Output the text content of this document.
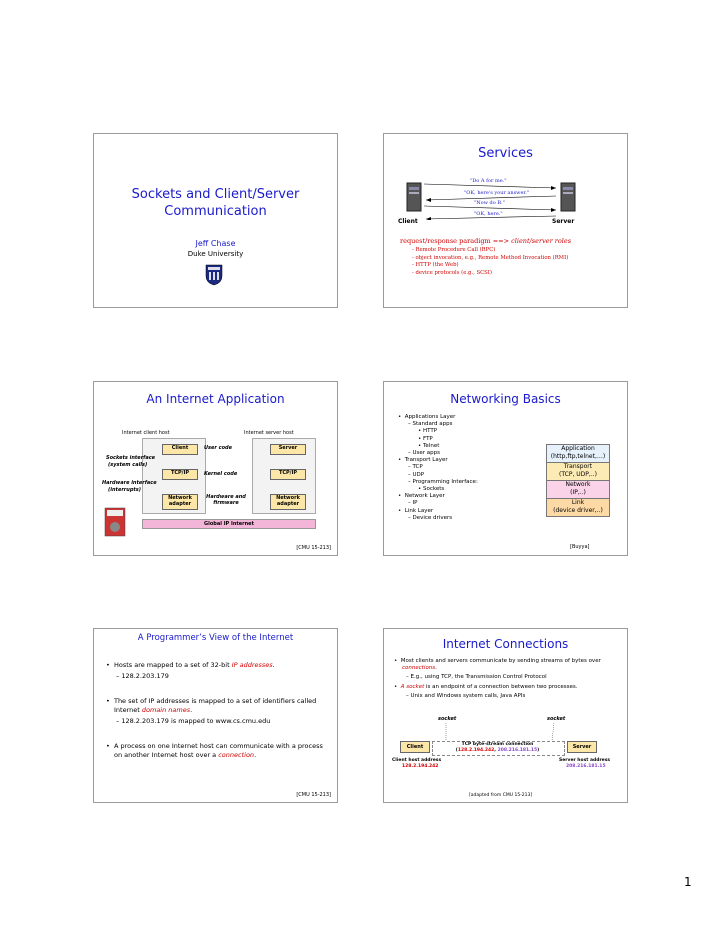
Sockets and Client/Server
Communication
Jeff Chase
Duke University
Services
"Do A for me."
"OK, here's your answer."
"Now do B."
"OK, here."
Client	Server
request/response paradigm ==> client/server roles
- Remote Procedure Call (RPC)
- object invocation, e.g., Remote Method Invocation (RMI)
- HTTP (the Web)
- device protocols (e.g., SCSI)
An Internet Application
Internet client host	Internet server host
Client	Server
User code
Sockets interface
(system calls)
TCP/IP	TCP/IP
Kernel code
Hardware interface
(interrupts)
Network adapter
Network adapter
Hardware and firmware
Global IP Internet
[CMU 15-213]
Networking Basics
•  Applications Layer
– Standard apps
• HTTP
• FTP
• Telnet
– User apps
•  Transport Layer
– TCP
– UDP
– Programming Interface:
• Sockets
•  Network Layer
– IP
•  Link Layer
– Device drivers
Application
(http,ftp,telnet,…)
Transport
(TCP, UDP,..)
Network
(IP,..)
Link
(device driver,..)
[Buyya]
A Programmer’s View of the Internet
•  Hosts are mapped to a set of 32-bit IP addresses.
– 128.2.203.179
•  The set of IP addresses is mapped to a set of identifiers called Internet domain names.
– 128.2.203.179 is mapped to www.cs.cmu.edu
•  A process on one Internet host can communicate with a process on another Internet host over a connection.
[CMU 15-213]
Internet Connections
•  Most clients and servers communicate by sending streams of bytes over connections.
– E.g., using TCP, the Transmission Control Protocol
•  A socket is an endpoint of a connection between two processes.
– Unix and Windows system calls, Java APIs
socket	socket
Client	Server
TCP byte-stream connection
(128.2.194.242, 208.216.181.15)
Client host address
128.2.194.242
Server host address
208.216.181.15
[adapted from CMU 15-213]
1
